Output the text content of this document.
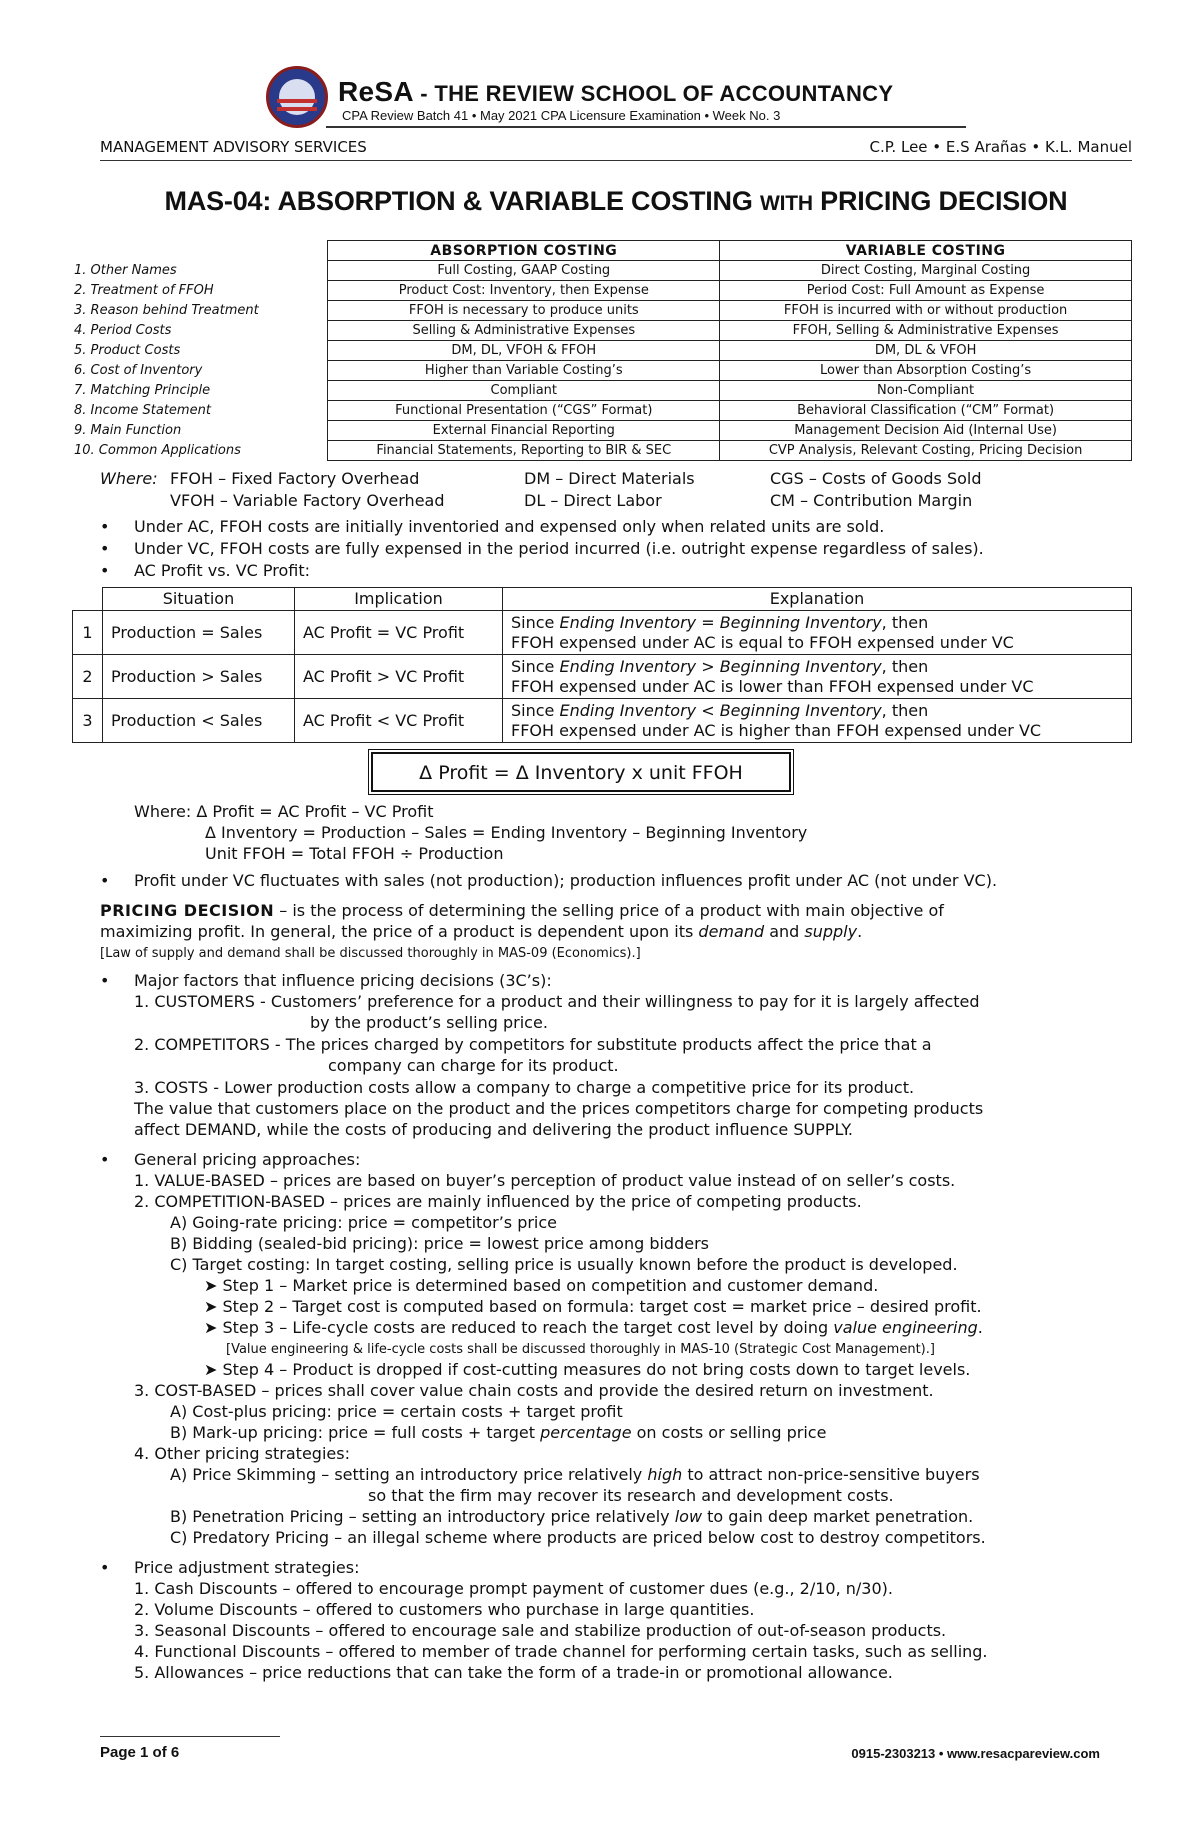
ReSA - THE REVIEW SCHOOL OF ACCOUNTANCY
CPA Review Batch 41 • May 2021 CPA Licensure Examination • Week No. 3
MANAGEMENT ADVISORY SERVICES	C.P. Lee • E.S Arañas • K.L. Manuel
MAS-04: ABSORPTION & VARIABLE COSTING WITH PRICING DECISION
	ABSORPTION COSTING	VARIABLE COSTING
1. Other Names	Full Costing, GAAP Costing	Direct Costing, Marginal Costing
2. Treatment of FFOH	Product Cost: Inventory, then Expense	Period Cost: Full Amount as Expense
3. Reason behind Treatment	FFOH is necessary to produce units	FFOH is incurred with or without production
4. Period Costs	Selling & Administrative Expenses	FFOH, Selling & Administrative Expenses
5. Product Costs	DM, DL, VFOH & FFOH	DM, DL & VFOH
6. Cost of Inventory	Higher than Variable Costing’s	Lower than Absorption Costing’s
7. Matching Principle	Compliant	Non-Compliant
8. Income Statement	Functional Presentation (“CGS” Format)	Behavioral Classification (“CM” Format)
9. Main Function	External Financial Reporting	Management Decision Aid (Internal Use)
10. Common Applications	Financial Statements, Reporting to BIR & SEC	CVP Analysis, Relevant Costing, Pricing Decision
Where: FFOH – Fixed Factory Overhead	DM – Direct Materials	CGS – Costs of Goods Sold
VFOH – Variable Factory Overhead	DL – Direct Labor	CM – Contribution Margin
• Under AC, FFOH costs are initially inventoried and expensed only when related units are sold.
• Under VC, FFOH costs are fully expensed in the period incurred (i.e. outright expense regardless of sales).
• AC Profit vs. VC Profit:
	Situation	Implication	Explanation
1	Production = Sales	AC Profit = VC Profit	Since Ending Inventory = Beginning Inventory, then
FFOH expensed under AC is equal to FFOH expensed under VC
2	Production > Sales	AC Profit > VC Profit	Since Ending Inventory > Beginning Inventory, then
FFOH expensed under AC is lower than FFOH expensed under VC
3	Production < Sales	AC Profit < VC Profit	Since Ending Inventory < Beginning Inventory, then
FFOH expensed under AC is higher than FFOH expensed under VC
Δ Profit = Δ Inventory x unit FFOH
Where: Δ Profit = AC Profit – VC Profit
Δ Inventory = Production – Sales = Ending Inventory – Beginning Inventory
Unit FFOH = Total FFOH ÷ Production
• Profit under VC fluctuates with sales (not production); production influences profit under AC (not under VC).
PRICING DECISION – is the process of determining the selling price of a product with main objective of
maximizing profit. In general, the price of a product is dependent upon its demand and supply.
[Law of supply and demand shall be discussed thoroughly in MAS-09 (Economics).]
• Major factors that influence pricing decisions (3C’s):
1. CUSTOMERS - Customers’ preference for a product and their willingness to pay for it is largely affected
by the product’s selling price.
2. COMPETITORS - The prices charged by competitors for substitute products affect the price that a
company can charge for its product.
3. COSTS - Lower production costs allow a company to charge a competitive price for its product.
The value that customers place on the product and the prices competitors charge for competing products
affect DEMAND, while the costs of producing and delivering the product influence SUPPLY.
• General pricing approaches:
1. VALUE-BASED – prices are based on buyer’s perception of product value instead of on seller’s costs.
2. COMPETITION-BASED – prices are mainly influenced by the price of competing products.
A) Going-rate pricing: price = competitor’s price
B) Bidding (sealed-bid pricing): price = lowest price among bidders
C) Target costing: In target costing, selling price is usually known before the product is developed.
➤ Step 1 – Market price is determined based on competition and customer demand.
➤ Step 2 – Target cost is computed based on formula: target cost = market price – desired profit.
➤ Step 3 – Life-cycle costs are reduced to reach the target cost level by doing value engineering.
[Value engineering & life-cycle costs shall be discussed thoroughly in MAS-10 (Strategic Cost Management).]
➤ Step 4 – Product is dropped if cost-cutting measures do not bring costs down to target levels.
3. COST-BASED – prices shall cover value chain costs and provide the desired return on investment.
A) Cost-plus pricing: price = certain costs + target profit
B) Mark-up pricing: price = full costs + target percentage on costs or selling price
4. Other pricing strategies:
A) Price Skimming – setting an introductory price relatively high to attract non-price-sensitive buyers
so that the firm may recover its research and development costs.
B) Penetration Pricing – setting an introductory price relatively low to gain deep market penetration.
C) Predatory Pricing – an illegal scheme where products are priced below cost to destroy competitors.
• Price adjustment strategies:
1. Cash Discounts – offered to encourage prompt payment of customer dues (e.g., 2/10, n/30).
2. Volume Discounts – offered to customers who purchase in large quantities.
3. Seasonal Discounts – offered to encourage sale and stabilize production of out-of-season products.
4. Functional Discounts – offered to member of trade channel for performing certain tasks, such as selling.
5. Allowances – price reductions that can take the form of a trade-in or promotional allowance.
Page 1 of 6	0915-2303213 • www.resacpareview.com
